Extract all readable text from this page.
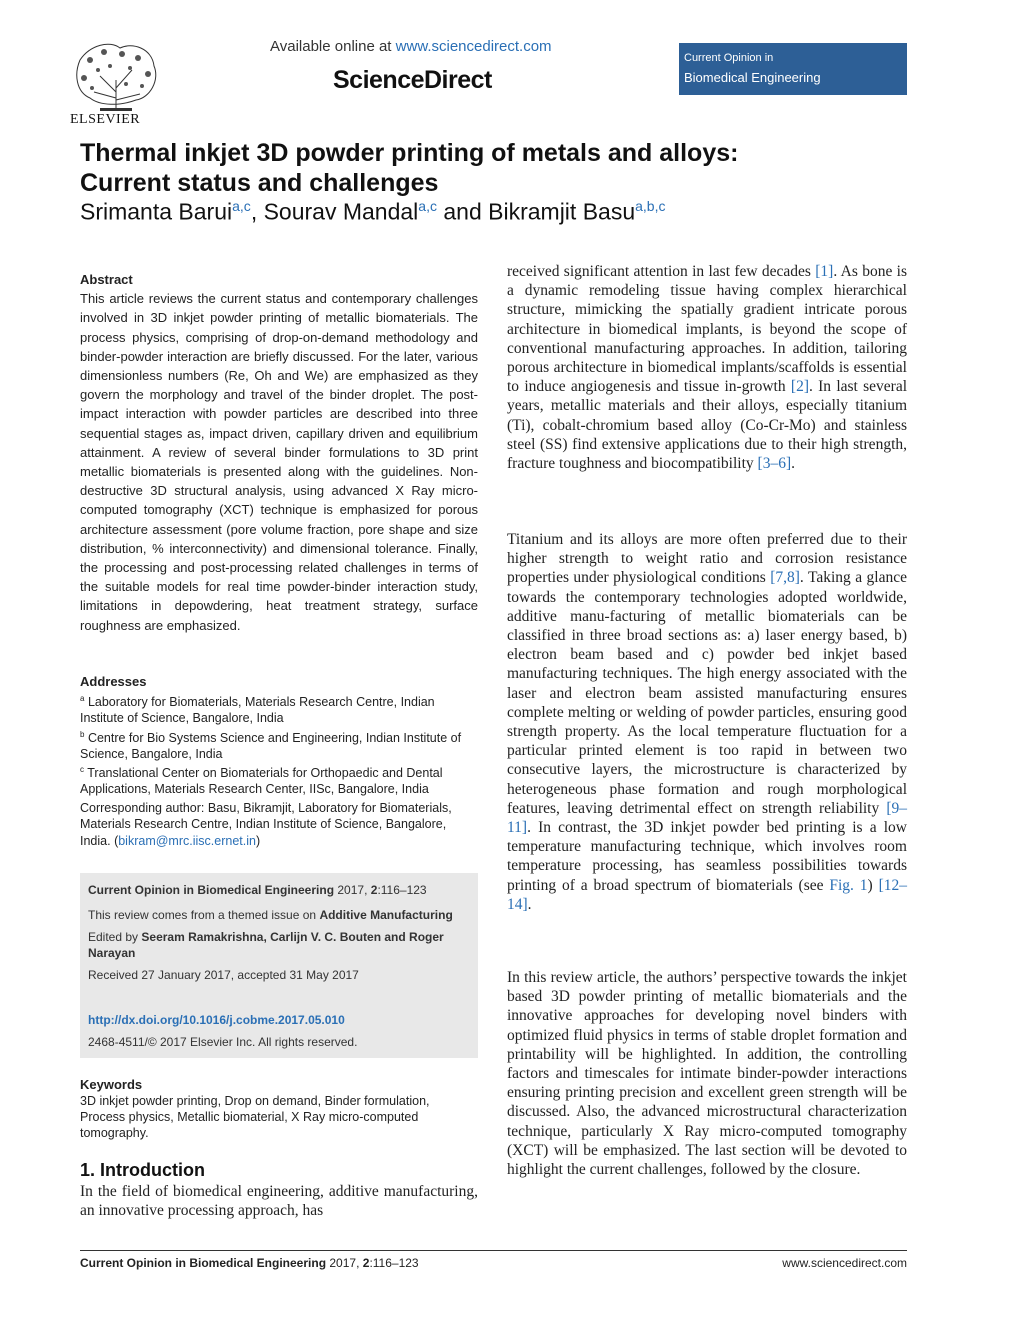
ELSEVIER
Available online at www.sciencedirect.com
ScienceDirect
Current Opinion in
Biomedical Engineering
Thermal inkjet 3D powder printing of metals and alloys: Current status and challenges
Srimanta Barui$^{a,c}$, Sourav Mandal$^{a,c}$ and Bikramjit Basu$^{a,b,c}$
Abstract
This article reviews the current status and contemporary challenges involved in 3D inkjet powder printing of metallic biomaterials. The process physics, comprising of drop-on-demand methodology and binder-powder interaction are briefly discussed. For the later, various dimensionless numbers (Re, Oh and We) are emphasized as they govern the morphology and travel of the binder droplet. The post-impact interaction with powder particles are described into three sequential stages as, impact driven, capillary driven and equilibrium attainment. A review of several binder formulations to 3D print metallic biomaterials is presented along with the guidelines. Non-destructive 3D structural analysis, using advanced X Ray micro-computed tomography (XCT) technique is emphasized for porous architecture assessment (pore volume fraction, pore shape and size distribution, % interconnectivity) and dimensional tolerance. Finally, the processing and post-processing related challenges in terms of the suitable models for real time powder-binder interaction study, limitations in depowdering, heat treatment strategy, surface roughness are emphasized.
Addresses
$^a$ Laboratory for Biomaterials, Materials Research Centre, Indian Institute of Science, Bangalore, India
$^b$ Centre for Bio Systems Science and Engineering, Indian Institute of Science, Bangalore, India
$^c$ Translational Center on Biomaterials for Orthopaedic and Dental Applications, Materials Research Center, IISc, Bangalore, India
Corresponding author: Basu, Bikramjit, Laboratory for Biomaterials, Materials Research Centre, Indian Institute of Science, Bangalore, India. (bikram@mrc.iisc.ernet.in)
Current Opinion in Biomedical Engineering 2017, 2:116–123
This review comes from a themed issue on Additive Manufacturing
Edited by Seeram Ramakrishna, Carlijn V. C. Bouten and Roger Narayan
Received 27 January 2017, accepted 31 May 2017
http://dx.doi.org/10.1016/j.cobme.2017.05.010
2468-4511/© 2017 Elsevier Inc. All rights reserved.
Keywords
3D inkjet powder printing, Drop on demand, Binder formulation, Process physics, Metallic biomaterial, X Ray micro-computed tomography.
1. Introduction
In the field of biomedical engineering, additive manufacturing, an innovative processing approach, has
received significant attention in last few decades [1]. As bone is a dynamic remodeling tissue having complex hierarchical structure, mimicking the spatially gradient intricate porous architecture in biomedical implants, is beyond the scope of conventional manufacturing approaches. In addition, tailoring porous architecture in biomedical implants/scaffolds is essential to induce angiogenesis and tissue in-growth [2]. In last several years, metallic materials and their alloys, especially titanium (Ti), cobalt-chromium based alloy (Co-Cr-Mo) and stainless steel (SS) find extensive applications due to their high strength, fracture toughness and biocompatibility [3–6].
Titanium and its alloys are more often preferred due to their higher strength to weight ratio and corrosion resistance properties under physiological conditions [7,8]. Taking a glance towards the contemporary technologies adopted worldwide, additive manu-facturing of metallic biomaterials can be classified in three broad sections as: a) laser energy based, b) electron beam based and c) powder bed inkjet based manufacturing techniques. The high energy associated with the laser and electron beam assisted manufacturing ensures complete melting or welding of powder particles, ensuring good strength property. As the local temperature fluctuation for a particular printed element is too rapid in between two consecutive layers, the microstructure is characterized by heterogeneous phase formation and rough morphological features, leaving detrimental effect on strength reliability [9–11]. In contrast, the 3D inkjet powder bed printing is a low temperature manufacturing technique, which involves room temperature processing, has seamless possibilities towards printing of a broad spectrum of biomaterials (see Fig. 1) [12–14].
In this review article, the authors’ perspective towards the inkjet based 3D powder printing of metallic biomaterials and the innovative approaches for developing novel binders with optimized fluid physics in terms of stable droplet formation and printability will be highlighted. In addition, the controlling factors and timescales for intimate binder-powder interactions ensuring printing precision and excellent green strength will be discussed. Also, the advanced microstructural characterization technique, particularly X Ray micro-computed tomography (XCT) will be emphasized. The last section will be devoted to highlight the current challenges, followed by the closure.
Current Opinion in Biomedical Engineering 2017, 2:116–123	www.sciencedirect.com
